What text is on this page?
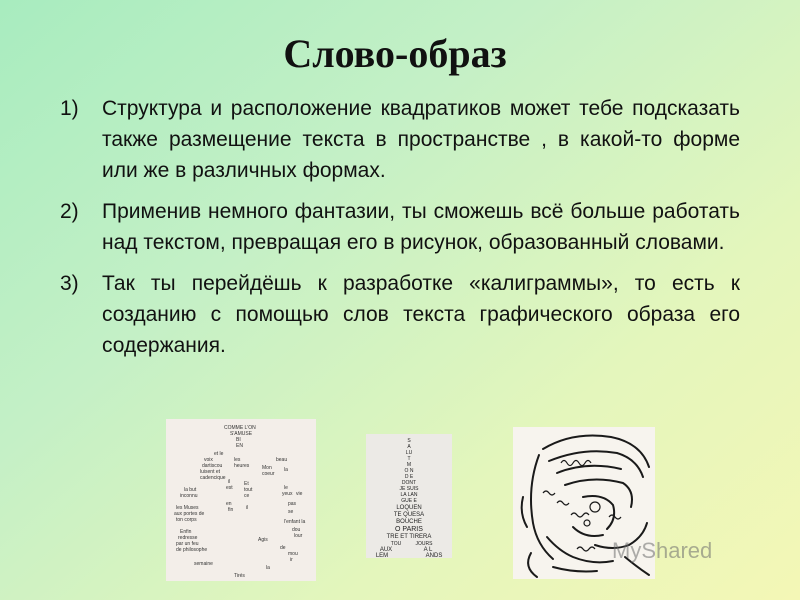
Слово-образ
1) Структура и расположение квадратиков может тебе подсказать также размещение текста в пространстве , в какой-то форме или же в различных формах.
2) Применив немного фантазии, ты сможешь всё больше работать над текстом, превращая его в рисунок, образованный словами.
3) Так ты перейдёшь к разработке «калиграммы», то есть к созданию с помощью слов текста графического образа его содержания.
COMME L'ON
S'AMUSE
BI
EN
et le
voix	les
dartiscou heures
beau
Mon
luisent et
cadencique
coeur
la
il
est
Et
tout
ce
la but
inconnu
le
yeux vie
en
fin	il
pas
se
les Muses
aux portes de
ton corps	l'enfant la
dou
lour
Enfin
redresse
par un feu
de philosophe
Agis
de
mou
ir
semaine
la
Tirés
S
A
LU
T
M
O N
D E
DONT
JE SUIS
LA LAN
GUE E
LOQUEN
TE QUESA
BOUCHE
O PARIS
TRE ET TIRERA
TOU	JOURS
AUX	A L
LEM	ANDS	MyShared
